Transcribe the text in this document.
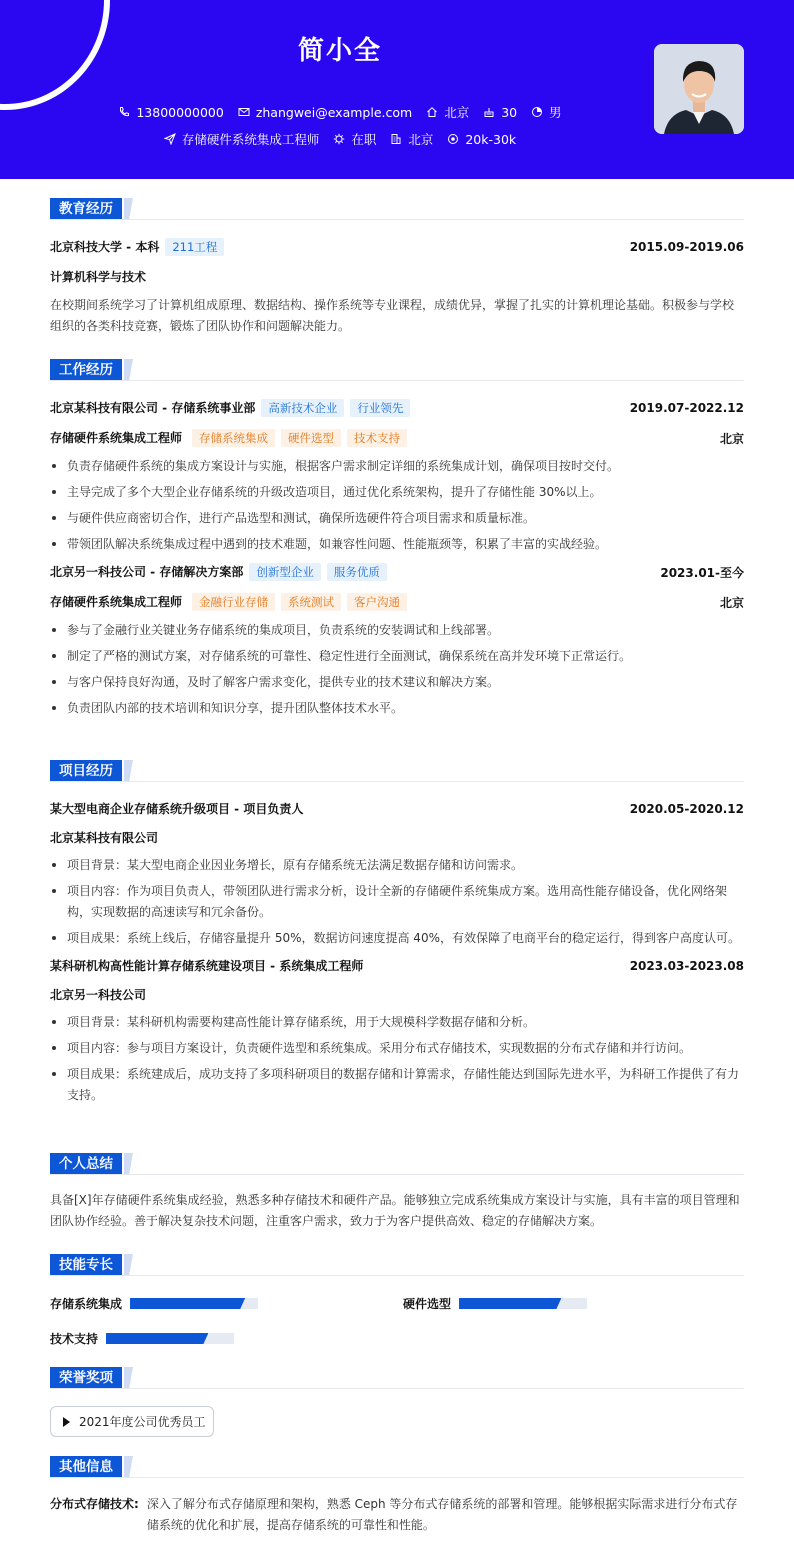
简小全
13800000000	zhangwei@example.com	北京	30	男
存储硬件系统集成工程师	在职	北京	20k-30k
教育经历
北京科技大学 - 本科 211工程	2015.09-2019.06
计算机科学与技术
在校期间系统学习了计算机组成原理、数据结构、操作系统等专业课程，成绩优异，掌握了扎实的计算机理论基础。积极参与学校组织的各类科技竞赛，锻炼了团队协作和问题解决能力。
工作经历
北京某科技有限公司 - 存储系统事业部 高新技术企业 行业领先	2019.07-2022.12
存储硬件系统集成工程师 存储系统集成 硬件选型 技术支持	北京
负责存储硬件系统的集成方案设计与实施，根据客户需求制定详细的系统集成计划，确保项目按时交付。
主导完成了多个大型企业存储系统的升级改造项目，通过优化系统架构，提升了存储性能 30%以上。
与硬件供应商密切合作，进行产品选型和测试，确保所选硬件符合项目需求和质量标准。
带领团队解决系统集成过程中遇到的技术难题，如兼容性问题、性能瓶颈等，积累了丰富的实战经验。
北京另一科技公司 - 存储解决方案部 创新型企业 服务优质	2023.01-至今
存储硬件系统集成工程师 金融行业存储 系统测试 客户沟通	北京
参与了金融行业关键业务存储系统的集成项目，负责系统的安装调试和上线部署。
制定了严格的测试方案，对存储系统的可靠性、稳定性进行全面测试，确保系统在高并发环境下正常运行。
与客户保持良好沟通，及时了解客户需求变化，提供专业的技术建议和解决方案。
负责团队内部的技术培训和知识分享，提升团队整体技术水平。
项目经历
某大型电商企业存储系统升级项目 - 项目负责人	2020.05-2020.12
北京某科技有限公司
项目背景：某大型电商企业因业务增长，原有存储系统无法满足数据存储和访问需求。
项目内容：作为项目负责人，带领团队进行需求分析，设计全新的存储硬件系统集成方案。选用高性能存储设备，优化网络架构，实现数据的高速读写和冗余备份。
项目成果：系统上线后，存储容量提升 50%，数据访问速度提高 40%，有效保障了电商平台的稳定运行，得到客户高度认可。
某科研机构高性能计算存储系统建设项目 - 系统集成工程师	2023.03-2023.08
北京另一科技公司
项目背景：某科研机构需要构建高性能计算存储系统，用于大规模科学数据存储和分析。
项目内容：参与项目方案设计，负责硬件选型和系统集成。采用分布式存储技术，实现数据的分布式存储和并行访问。
项目成果：系统建成后，成功支持了多项科研项目的数据存储和计算需求，存储性能达到国际先进水平，为科研工作提供了有力支持。
个人总结
具备[X]年存储硬件系统集成经验，熟悉多种存储技术和硬件产品。能够独立完成系统集成方案设计与实施，具有丰富的项目管理和团队协作经验。善于解决复杂技术问题，注重客户需求，致力于为客户提供高效、稳定的存储解决方案。
技能专长
存储系统集成	硬件选型
技术支持
荣誉奖项
2021年度公司优秀员工
其他信息
分布式存储技术: 深入了解分布式存储原理和架构，熟悉 Ceph 等分布式存储系统的部署和管理。能够根据实际需求进行分布式存储系统的优化和扩展，提高存储系统的可靠性和性能。
